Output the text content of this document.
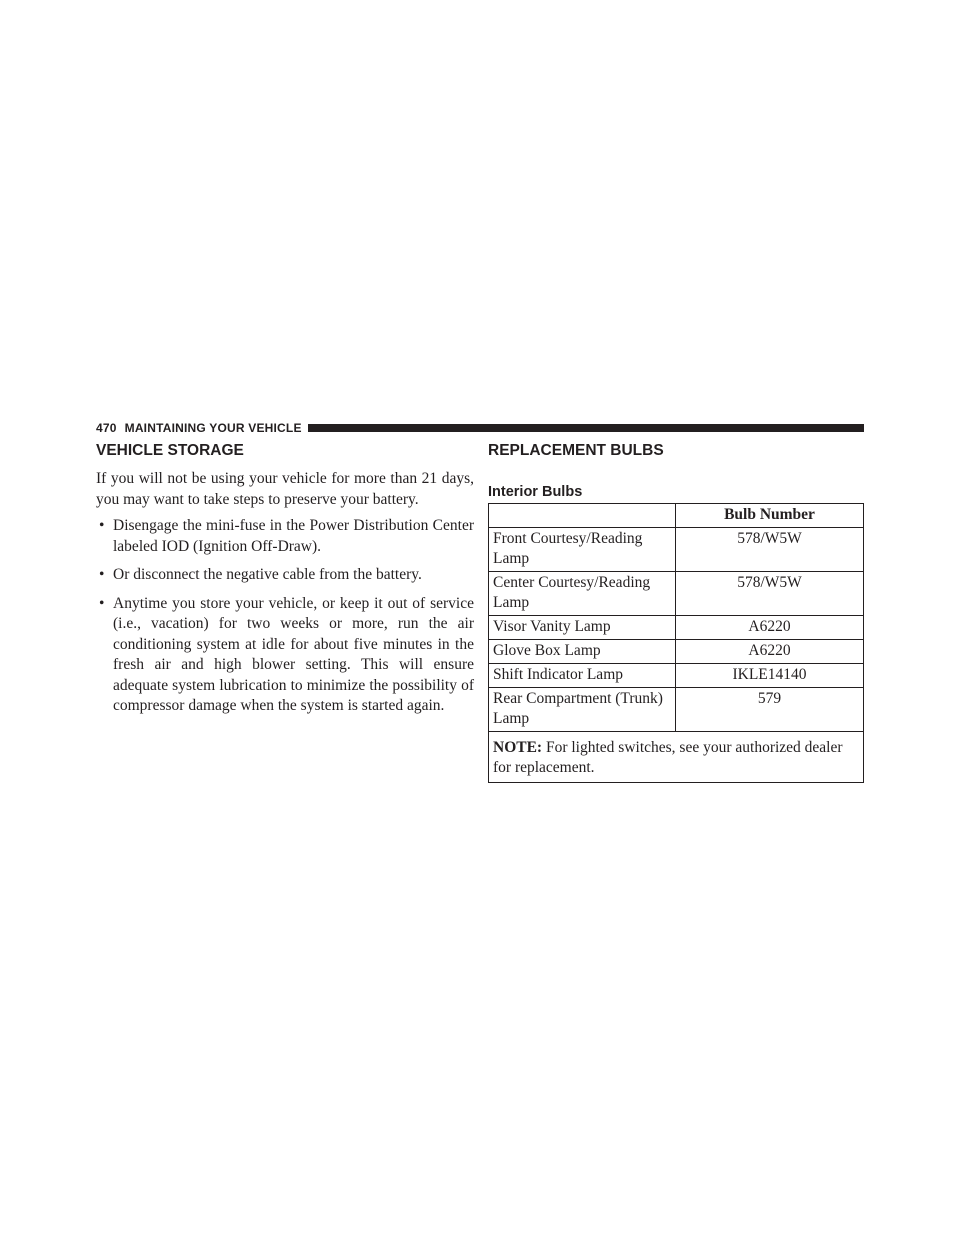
470 MAINTAINING YOUR VEHICLE
VEHICLE STORAGE

If you will not be using your vehicle for more than 21 days, you may want to take steps to preserve your battery.

• Disengage the mini-fuse in the Power Distribution Center labeled IOD (Ignition Off-Draw).
• Or disconnect the negative cable from the battery.
• Anytime you store your vehicle, or keep it out of service (i.e., vacation) for two weeks or more, run the air conditioning system at idle for about five minutes in the fresh air and high blower setting. This will ensure adequate system lubrication to minimize the possibility of compressor damage when the system is started again.
REPLACEMENT BULBS
Interior Bulbs
	Bulb Number
Front Courtesy/Reading Lamp	578/W5W
Center Courtesy/Reading Lamp	578/W5W
Visor Vanity Lamp	A6220
Glove Box Lamp	A6220
Shift Indicator Lamp	IKLE14140
Rear Compartment (Trunk) Lamp	579
NOTE: For lighted switches, see your authorized dealer for replacement.	
